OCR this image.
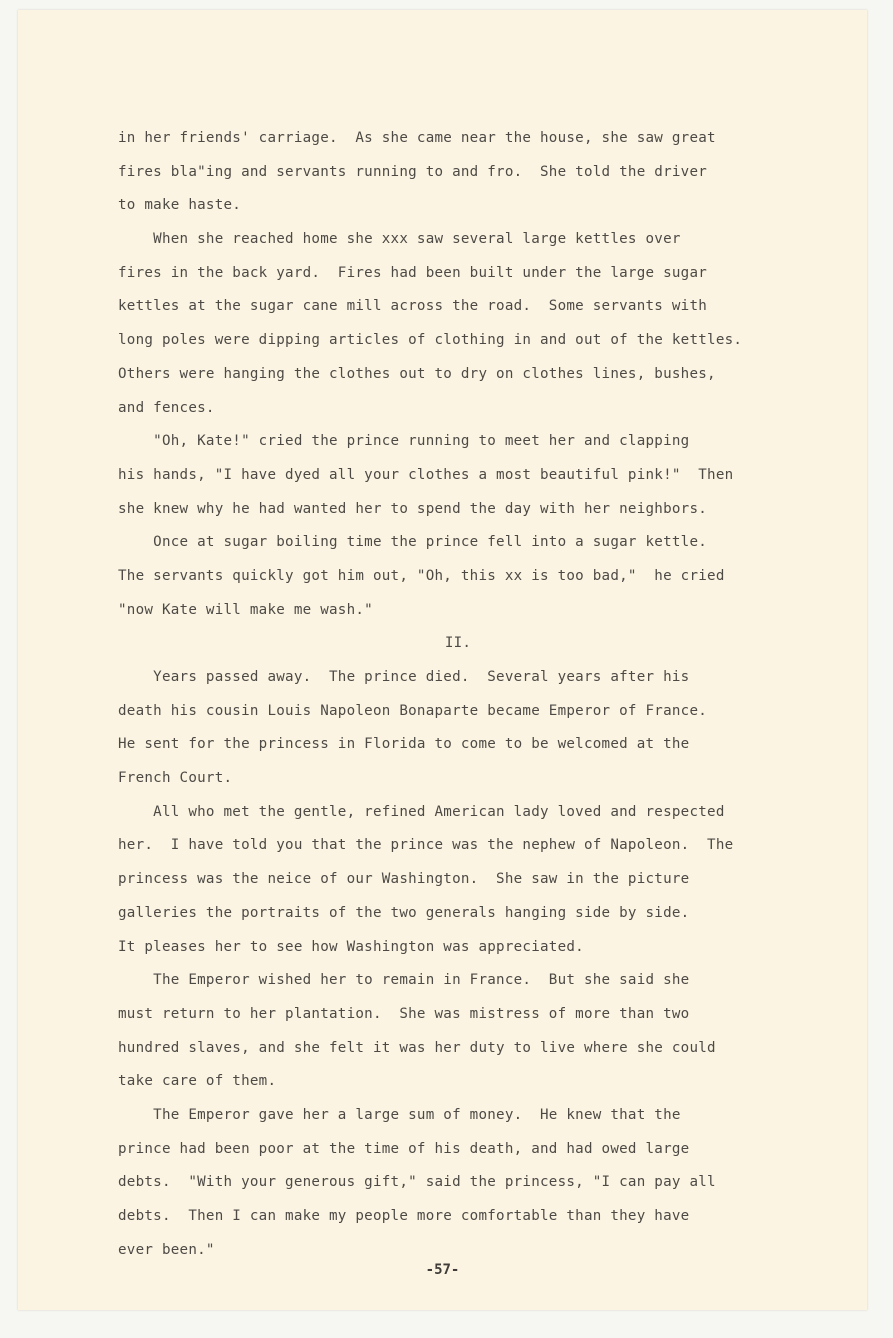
in her friends' carriage.  As she came near the house, she saw great
fires bla"ing and servants running to and fro.  She told the driver
to make haste.
When she reached home she xxx saw several large kettles over
fires in the back yard.  Fires had been built under the large sugar
kettles at the sugar cane mill across the road.  Some servants with
long poles were dipping articles of clothing in and out of the kettles.
Others were hanging the clothes out to dry on clothes lines, bushes,
and fences.
"Oh, Kate!" cried the prince running to meet her and clapping
his hands, "I have dyed all your clothes a most beautiful pink!"  Then
she knew why he had wanted her to spend the day with her neighbors.
Once at sugar boiling time the prince fell into a sugar kettle.
The servants quickly got him out, "Oh, this xx is too bad,"  he cried
"now Kate will make me wash."
II.
Years passed away.  The prince died.  Several years after his
death his cousin Louis Napoleon Bonaparte became Emperor of France.
He sent for the princess in Florida to come to be welcomed at the
French Court.
All who met the gentle, refined American lady loved and respected
her.  I have told you that the prince was the nephew of Napoleon.  The
princess was the neice of our Washington.  She saw in the picture
galleries the portraits of the two generals hanging side by side.
It pleases her to see how Washington was appreciated.
The Emperor wished her to remain in France.  But she said she
must return to her plantation.  She was mistress of more than two
hundred slaves, and she felt it was her duty to live where she could
take care of them.
The Emperor gave her a large sum of money.  He knew that the
prince had been poor at the time of his death, and had owed large
debts.  "With your generous gift," said the princess, "I can pay all
debts.  Then I can make my people more comfortable than they have
ever been."
-57-
